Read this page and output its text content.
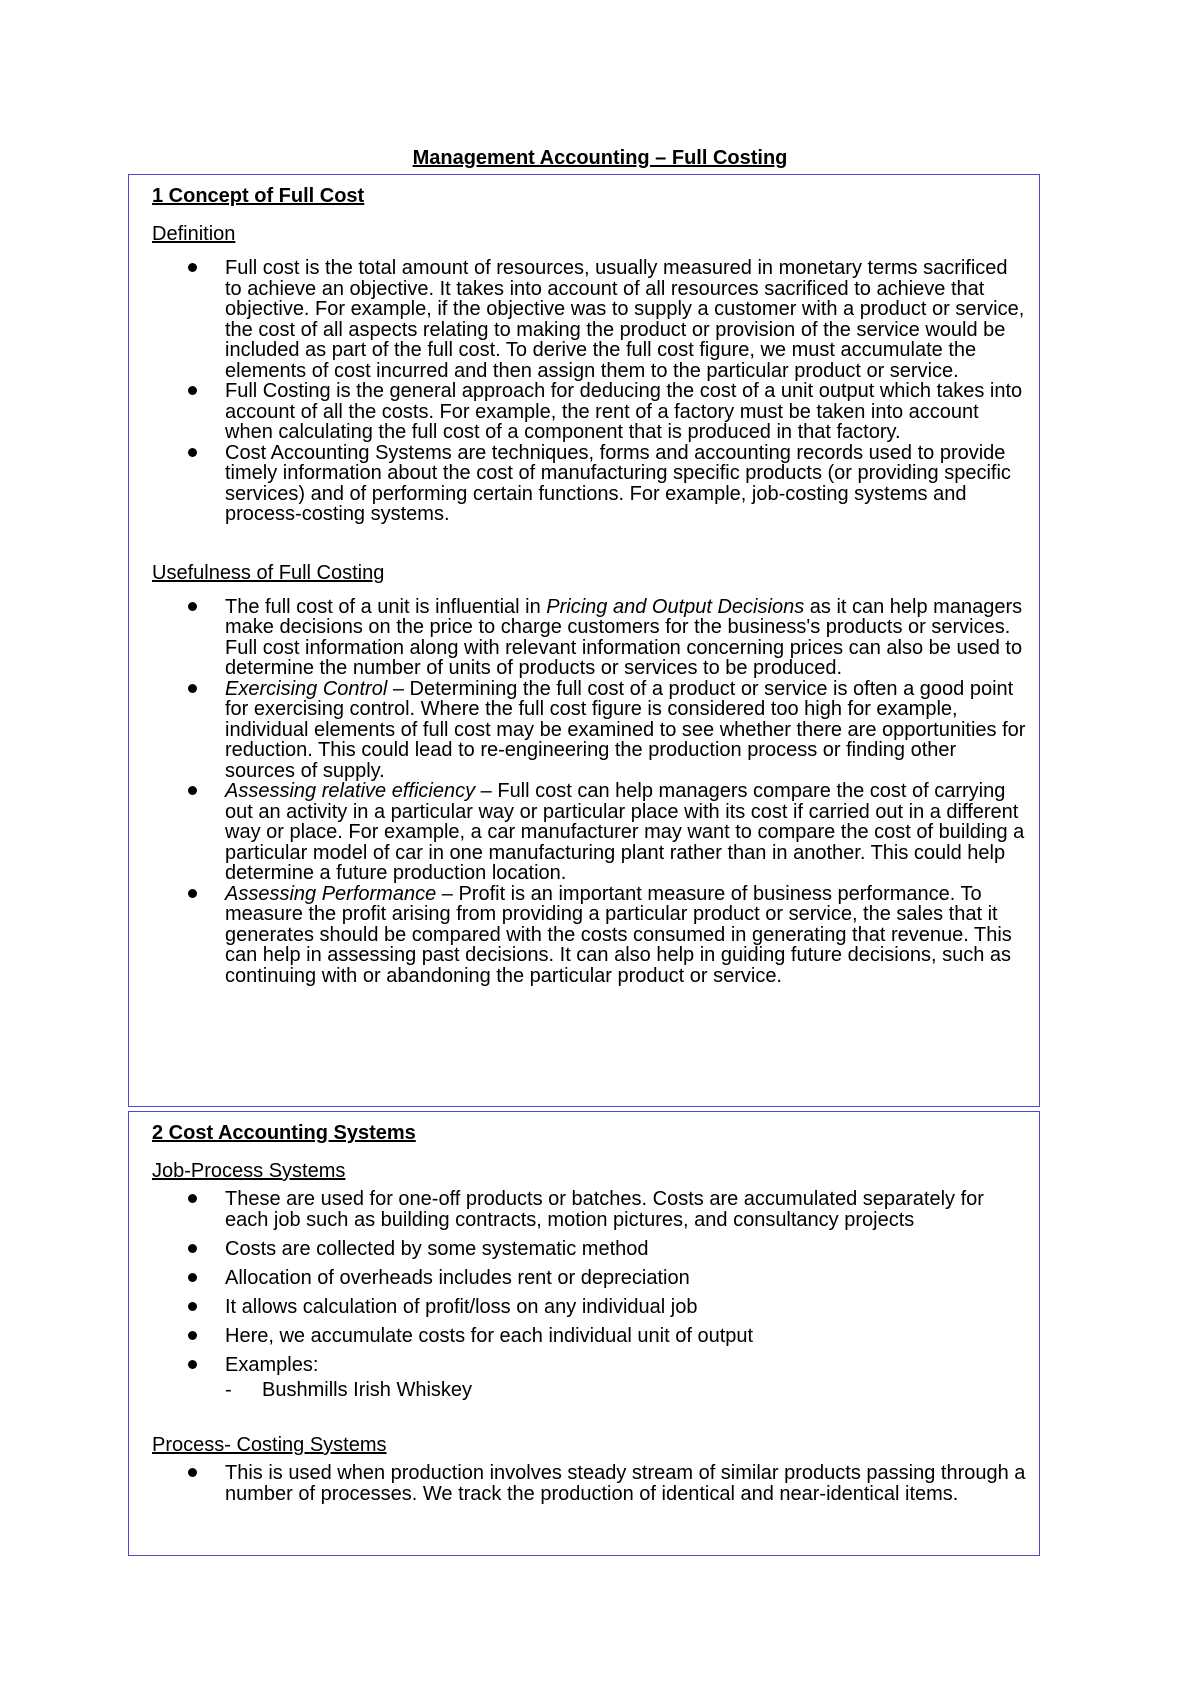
Management Accounting – Full Costing
1 Concept of Full Cost
Definition
Full cost is the total amount of resources, usually measured in monetary terms sacrificed to achieve an objective. It takes into account of all resources sacrificed to achieve that objective. For example, if the objective was to supply a customer with a product or service, the cost of all aspects relating to making the product or provision of the service would be included as part of the full cost. To derive the full cost figure, we must accumulate the elements of cost incurred and then assign them to the particular product or service.
Full Costing is the general approach for deducing the cost of a unit output which takes into account of all the costs. For example, the rent of a factory must be taken into account when calculating the full cost of a component that is produced in that factory.
Cost Accounting Systems are techniques, forms and accounting records used to provide timely information about the cost of manufacturing specific products (or providing specific services) and of performing certain functions. For example, job-costing systems and process-costing systems.
Usefulness of Full Costing
The full cost of a unit is influential in Pricing and Output Decisions as it can help managers make decisions on the price to charge customers for the business's products or services. Full cost information along with relevant information concerning prices can also be used to determine the number of units of products or services to be produced.
Exercising Control – Determining the full cost of a product or service is often a good point for exercising control. Where the full cost figure is considered too high for example, individual elements of full cost may be examined to see whether there are opportunities for reduction. This could lead to re-engineering the production process or finding other sources of supply.
Assessing relative efficiency – Full cost can help managers compare the cost of carrying out an activity in a particular way or particular place with its cost if carried out in a different way or place. For example, a car manufacturer may want to compare the cost of building a particular model of car in one manufacturing plant rather than in another. This could help determine a future production location.
Assessing Performance – Profit is an important measure of business performance. To measure the profit arising from providing a particular product or service, the sales that it generates should be compared with the costs consumed in generating that revenue. This can help in assessing past decisions. It can also help in guiding future decisions, such as continuing with or abandoning the particular product or service.
2 Cost Accounting Systems
Job-Process Systems
These are used for one-off products or batches. Costs are accumulated separately for each job such as building contracts, motion pictures, and consultancy projects
Costs are collected by some systematic method
Allocation of overheads includes rent or depreciation
It allows calculation of profit/loss on any individual job
Here, we accumulate costs for each individual unit of output
Examples:
- Bushmills Irish Whiskey
Process- Costing Systems
This is used when production involves steady stream of similar products passing through a number of processes. We track the production of identical and near-identical items.
